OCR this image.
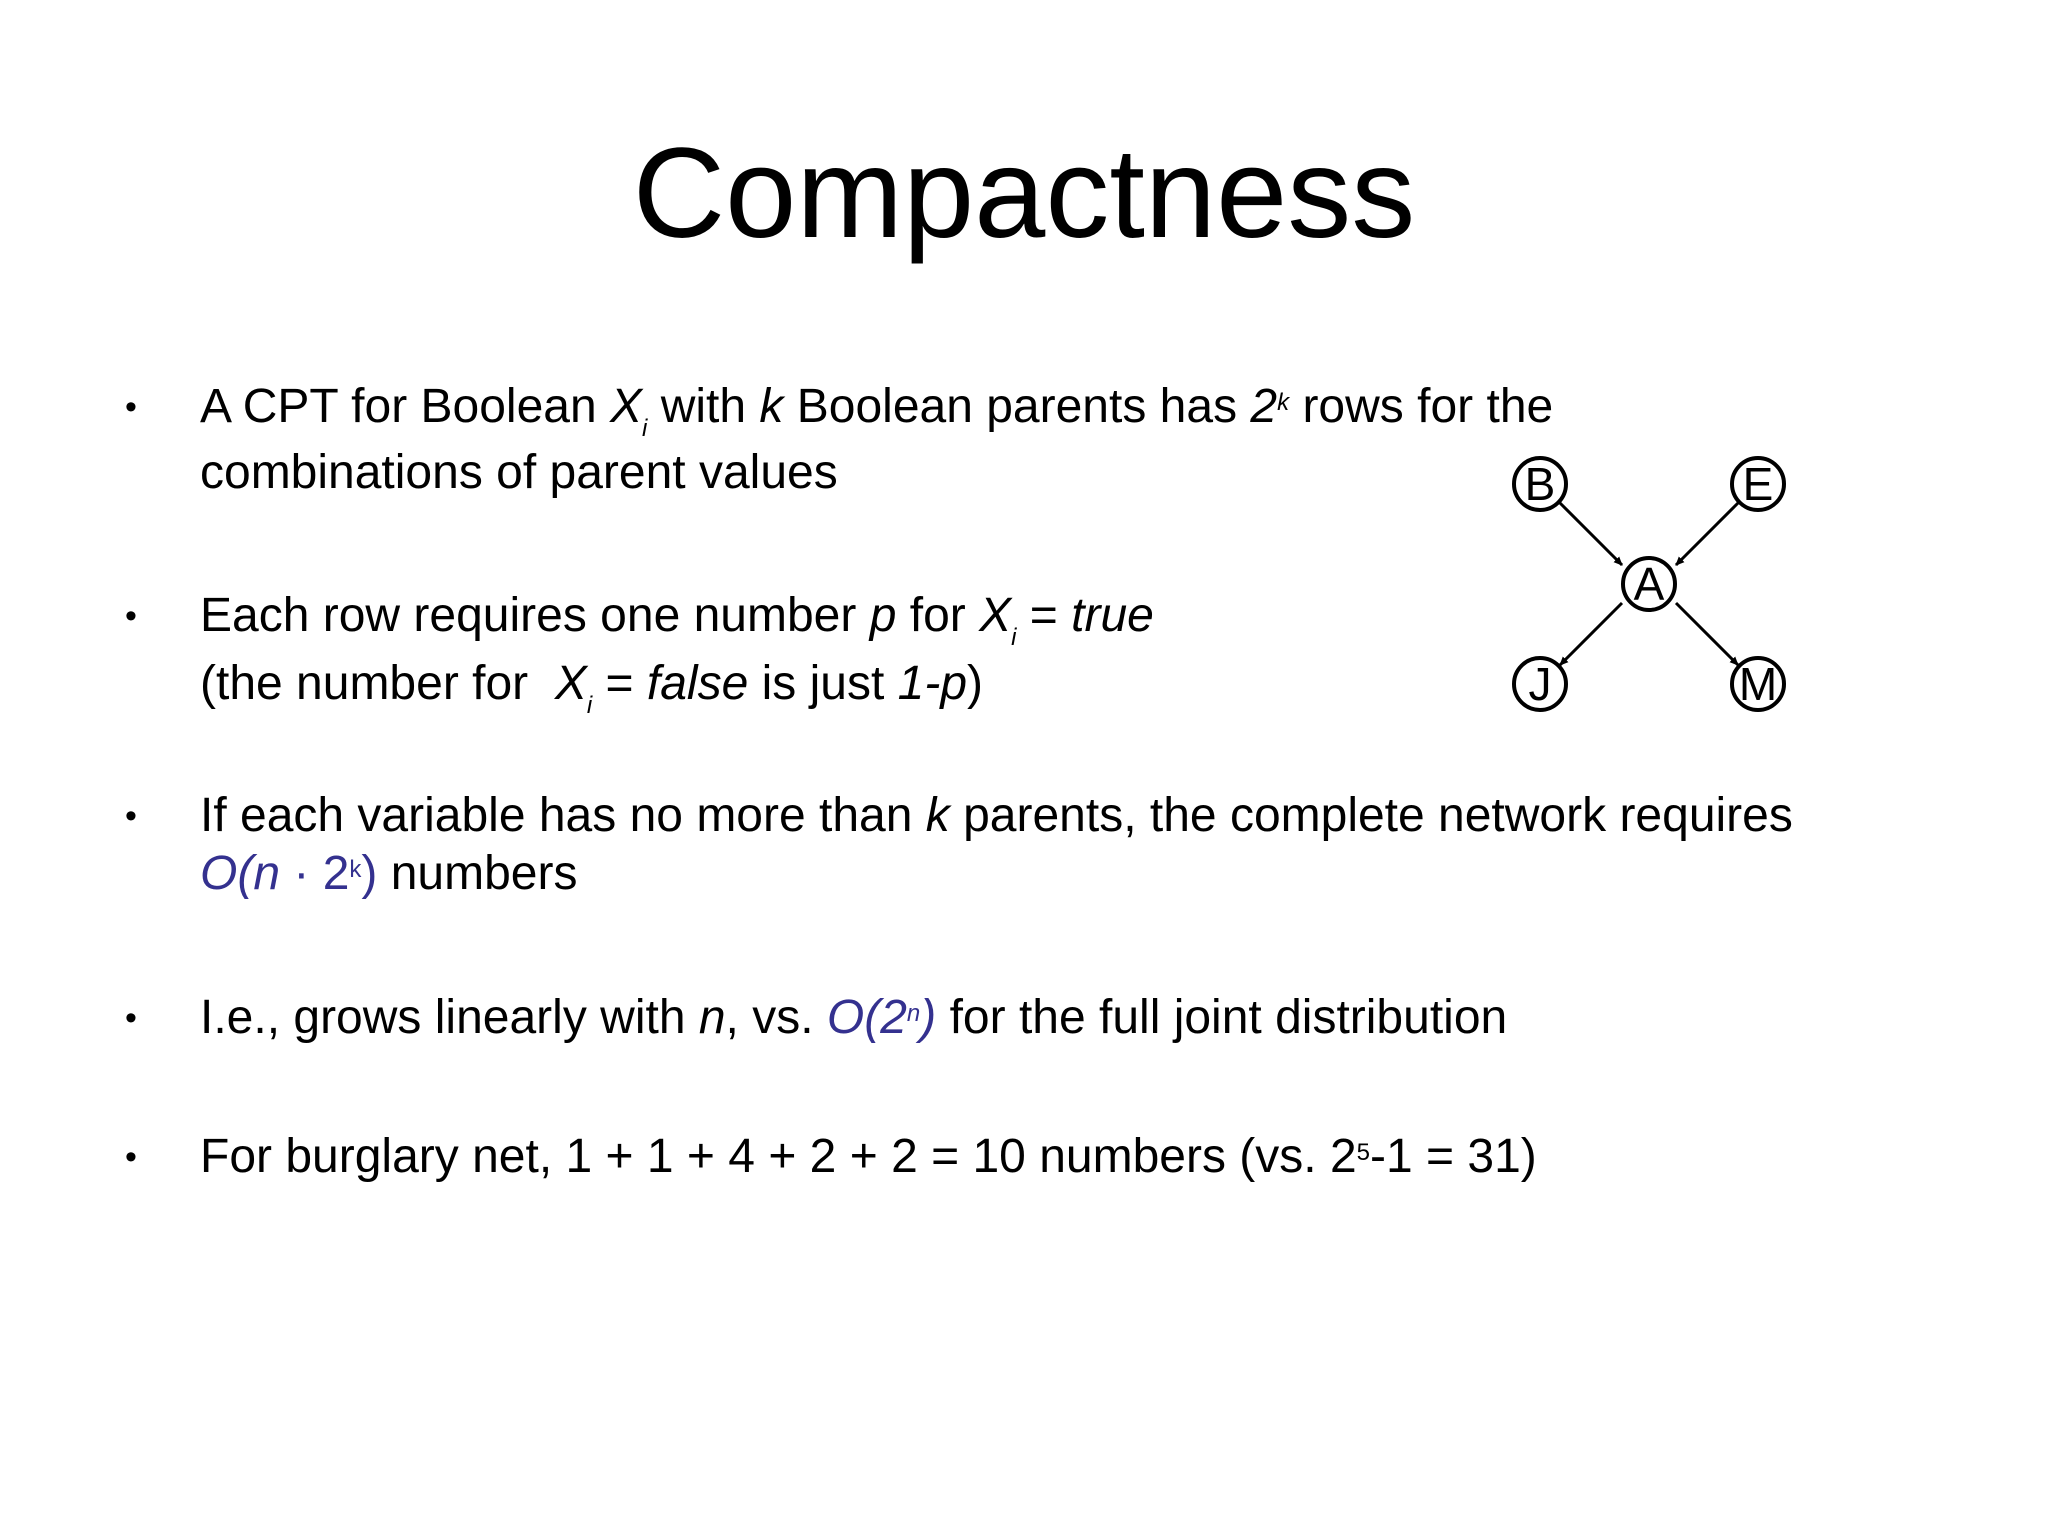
Compactness
• A CPT for Boolean $X_i$ with k Boolean parents has 2$^k$ rows for the
combinations of parent values
• Each row requires one number p for $X_i$ = true
(the number for  $X_i$ = false is just 1-p)
• If each variable has no more than k parents, the complete network requires
$O(n \cdot 2^k)$ numbers
• I.e., grows linearly with n, vs. O(2$^n$) for the full joint distribution
• For burglary net, 1 + 1 + 4 + 2 + 2 = 10 numbers (vs. $2^5-1 = 31$)
B	E
A
J	M
